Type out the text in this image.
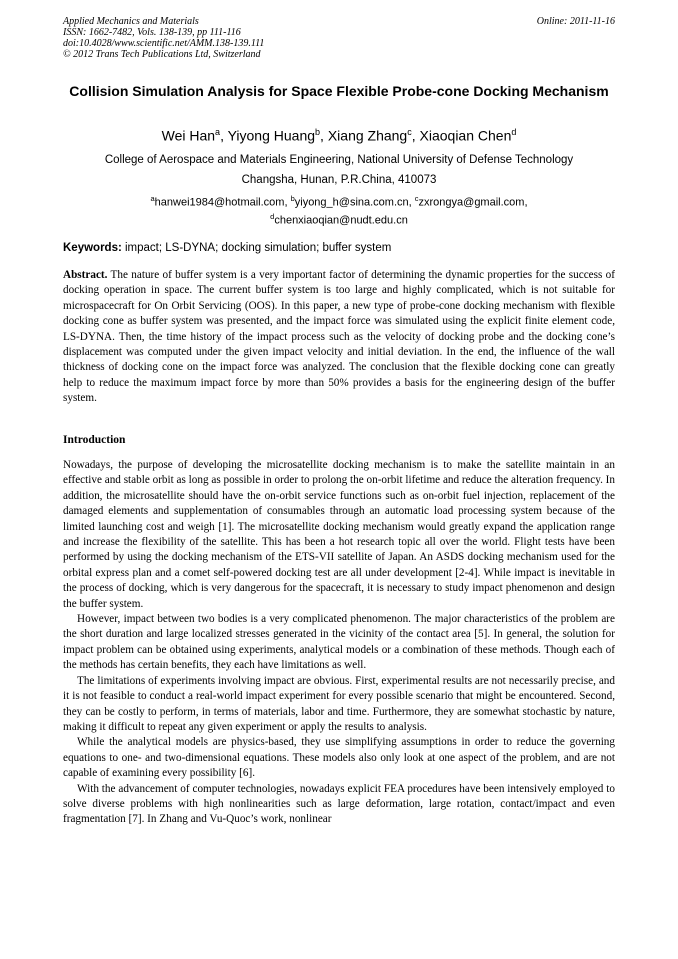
Applied Mechanics and Materials
ISSN: 1662-7482, Vols. 138-139, pp 111-116
doi:10.4028/www.scientific.net/AMM.138-139.111
© 2012 Trans Tech Publications Ltd, Switzerland
Online: 2011-11-16
Collision Simulation Analysis for Space Flexible Probe-cone Docking Mechanism
Wei Han$^a$, Yiyong Huang$^b$, Xiang Zhang$^c$, Xiaoqian Chen$^d$
College of Aerospace and Materials Engineering, National University of Defense Technology
Changsha, Hunan, P.R.China, 410073
$^a$hanwei1984@hotmail.com, $^b$yiyong_h@sina.com.cn, $^c$zxrongya@gmail.com,
$^d$chenxiaoqian@nudt.edu.cn
Keywords: impact; LS-DYNA; docking simulation; buffer system

Abstract. The nature of buffer system is a very important factor of determining the dynamic properties for the success of docking operation in space. The current buffer system is too large and highly complicated, which is not suitable for microspacecraft for On Orbit Servicing (OOS). In this paper, a new type of probe-cone docking mechanism with flexible docking cone as buffer system was presented, and the impact force was simulated using the explicit finite element code, LS-DYNA. Then, the time history of the impact process such as the velocity of docking probe and the docking cone’s displacement was computed under the given impact velocity and initial deviation. In the end, the influence of the wall thickness of docking cone on the impact force was analyzed. The conclusion that the flexible docking cone can greatly help to reduce the maximum impact force by more than 50% provides a basis for the engineering design of the buffer system.

Introduction

Nowadays, the purpose of developing the microsatellite docking mechanism is to make the satellite maintain in an effective and stable orbit as long as possible in order to prolong the on-orbit lifetime and reduce the alteration frequency. In addition, the microsatellite should have the on-orbit service functions such as on-orbit fuel injection, replacement of the damaged elements and supplementation of consumables through an automatic load processing system because of the limited launching cost and weigh [1]. The microsatellite docking mechanism would greatly expand the application range and increase the flexibility of the satellite. This has been a hot research topic all over the world. Flight tests have been performed by using the docking mechanism of the ETS-VII satellite of Japan. An ASDS docking mechanism used for the orbital express plan and a comet self-powered docking test are all under development [2-4]. While impact is inevitable in the process of docking, which is very dangerous for the spacecraft, it is necessary to study impact phenomenon and design the buffer system.

However, impact between two bodies is a very complicated phenomenon. The major characteristics of the problem are the short duration and large localized stresses generated in the vicinity of the contact area [5]. In general, the solution for impact problem can be obtained using experiments, analytical models or a combination of these methods. Though each of the methods has certain benefits, they each have limitations as well.

The limitations of experiments involving impact are obvious. First, experimental results are not necessarily precise, and it is not feasible to conduct a real-world impact experiment for every possible scenario that might be encountered. Second, they can be costly to perform, in terms of materials, labor and time. Furthermore, they are somewhat stochastic by nature, making it difficult to repeat any given experiment or apply the results to analysis.

While the analytical models are physics-based, they use simplifying assumptions in order to reduce the governing equations to one- and two-dimensional equations. These models also only look at one aspect of the problem, and are not capable of examining every possibility [6].

With the advancement of computer technologies, nowadays explicit FEA procedures have been intensively employed to solve diverse problems with high nonlinearities such as large deformation, large rotation, contact/impact and even fragmentation [7]. In Zhang and Vu-Quoc’s work, nonlinear
